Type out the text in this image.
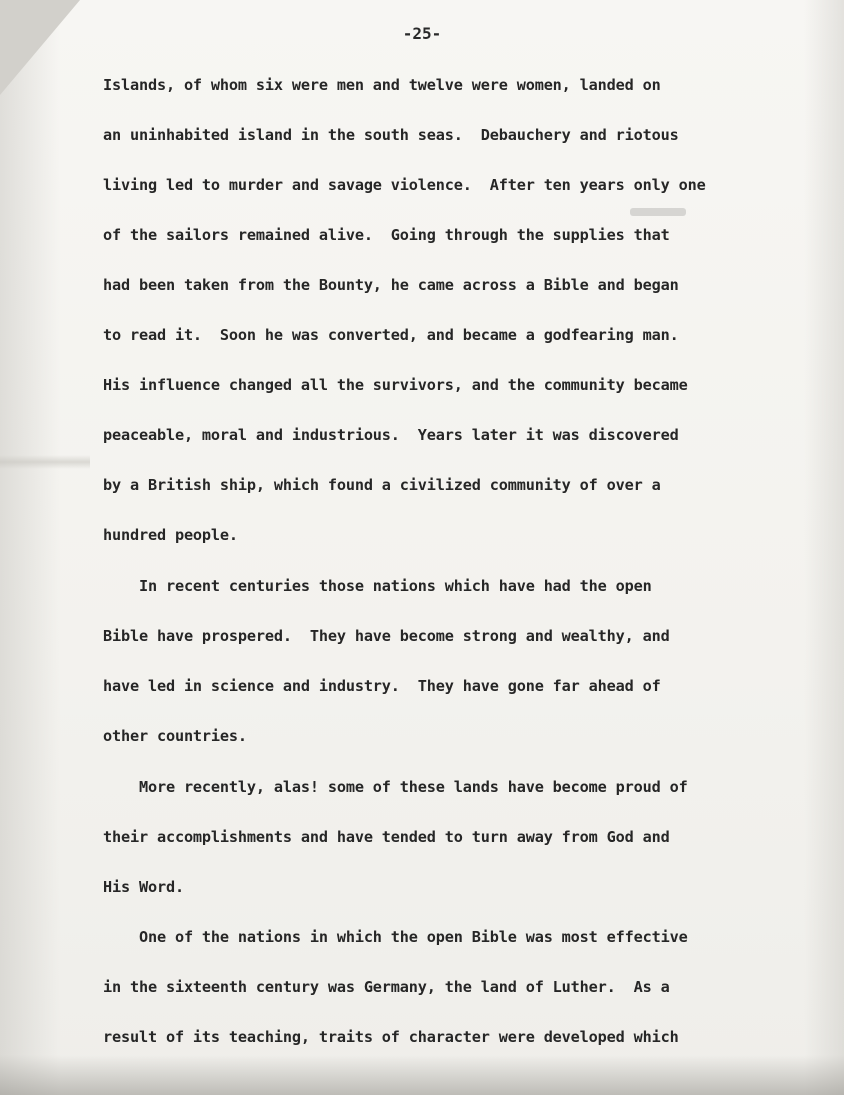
-25-

Islands, of whom six were men and twelve were women, landed on

an uninhabited island in the south seas.  Debauchery and riotous

living led to murder and savage violence.  After ten years only one

of the sailors remained alive.  Going through the supplies that

had been taken from the Bounty, he came across a Bible and began

to read it.  Soon he was converted, and became a godfearing man.

His influence changed all the survivors, and the community became

peaceable, moral and industrious.  Years later it was discovered

by a British ship, which found a civilized community of over a

hundred people.

In recent centuries those nations which have had the open

Bible have prospered.  They have become strong and wealthy, and

have led in science and industry.  They have gone far ahead of

other countries.

More recently, alas! some of these lands have become proud of

their accomplishments and have tended to turn away from God and

His Word.

One of the nations in which the open Bible was most effective

in the sixteenth century was Germany, the land of Luther.  As a

result of its teaching, traits of character were developed which
